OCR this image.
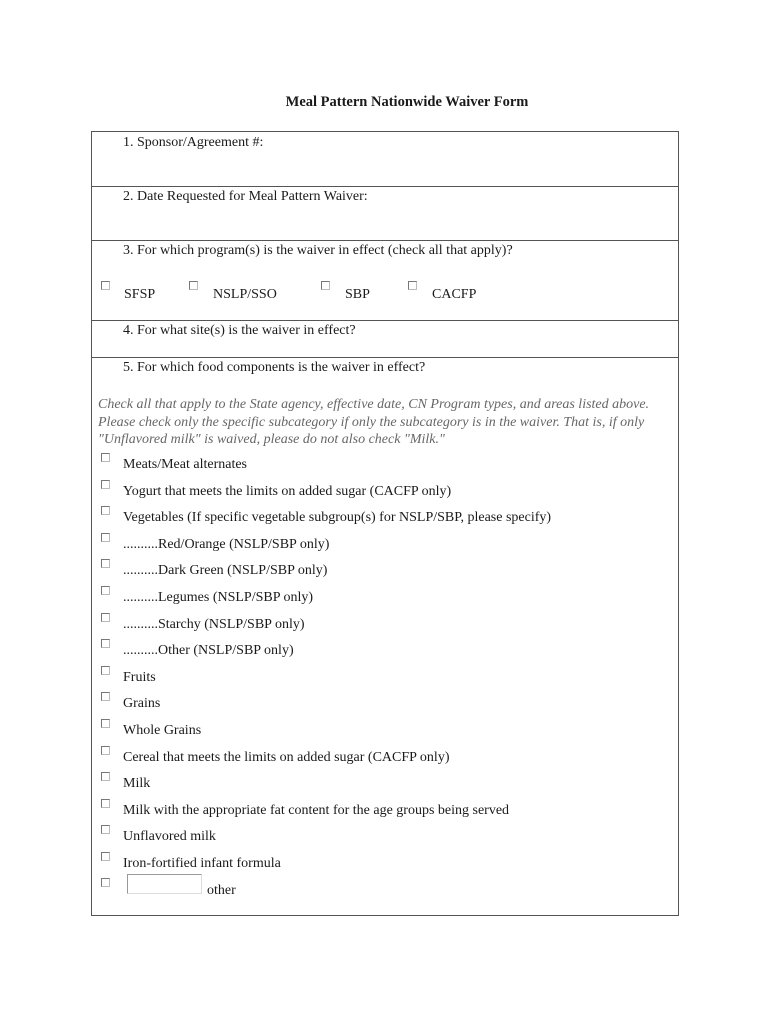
Meal Pattern Nationwide Waiver Form
1. Sponsor/Agreement #:
2. Date Requested for Meal Pattern Waiver:
3. For which program(s) is the waiver in effect (check all that apply)?
SFSP	NSLP/SSO	SBP	CACFP
4. For what site(s) is the waiver in effect?
5. For which food components is the waiver in effect?
Check all that apply to the State agency, effective date, CN Program types, and areas listed above. Please check only the specific subcategory if only the subcategory is in the waiver. That is, if only "Unflavored milk" is waived, please do not also check "Milk."
Meats/Meat alternates
Yogurt that meets the limits on added sugar (CACFP only)
Vegetables (If specific vegetable subgroup(s) for NSLP/SBP, please specify)
..........Red/Orange (NSLP/SBP only)
..........Dark Green (NSLP/SBP only)
..........Legumes (NSLP/SBP only)
..........Starchy (NSLP/SBP only)
..........Other (NSLP/SBP only)
Fruits
Grains
Whole Grains
Cereal that meets the limits on added sugar (CACFP only)
Milk
Milk with the appropriate fat content for the age groups being served
Unflavored milk
Iron-fortified infant formula
other
